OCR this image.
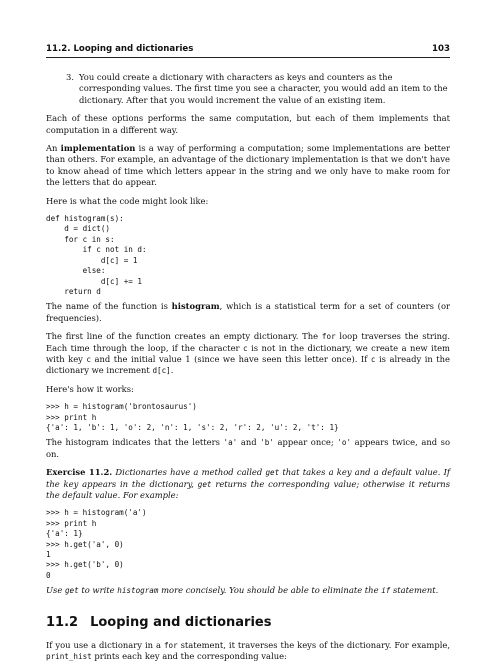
11.2. Looping and dictionaries	103
3. You could create a dictionary with characters as keys and counters as the corresponding values. The first time you see a character, you would add an item to the dictionary. After that you would increment the value of an existing item.

Each of these options performs the same computation, but each of them implements that computation in a different way.

An implementation is a way of performing a computation; some implementations are better than others. For example, an advantage of the dictionary implementation is that we don't have to know ahead of time which letters appear in the string and we only have to make room for the letters that do appear.

Here is what the code might look like:

def histogram(s):
d = dict()
for c in s:
if c not in d:
d[c] = 1
else:
d[c] += 1
return d

The name of the function is histogram, which is a statistical term for a set of counters (or frequencies).

The first line of the function creates an empty dictionary. The for loop traverses the string. Each time through the loop, if the character c is not in the dictionary, we create a new item with key c and the initial value 1 (since we have seen this letter once). If c is already in the dictionary we increment d[c].

Here's how it works:

>>> h = histogram('brontosaurus')
>>> print h
{'a': 1, 'b': 1, 'o': 2, 'n': 1, 's': 2, 'r': 2, 'u': 2, 't': 1}

The histogram indicates that the letters 'a' and 'b' appear once; 'o' appears twice, and so on.

Exercise 11.2. Dictionaries have a method called get that takes a key and a default value. If the key appears in the dictionary, get returns the corresponding value; otherwise it returns the default value. For example:

>>> h = histogram('a')
>>> print h
{'a': 1}
>>> h.get('a', 0)
1
>>> h.get('b', 0)
0

Use get to write histogram more concisely. You should be able to eliminate the if statement.

11.2 Looping and dictionaries

If you use a dictionary in a for statement, it traverses the keys of the dictionary. For example, print_hist prints each key and the corresponding value:
